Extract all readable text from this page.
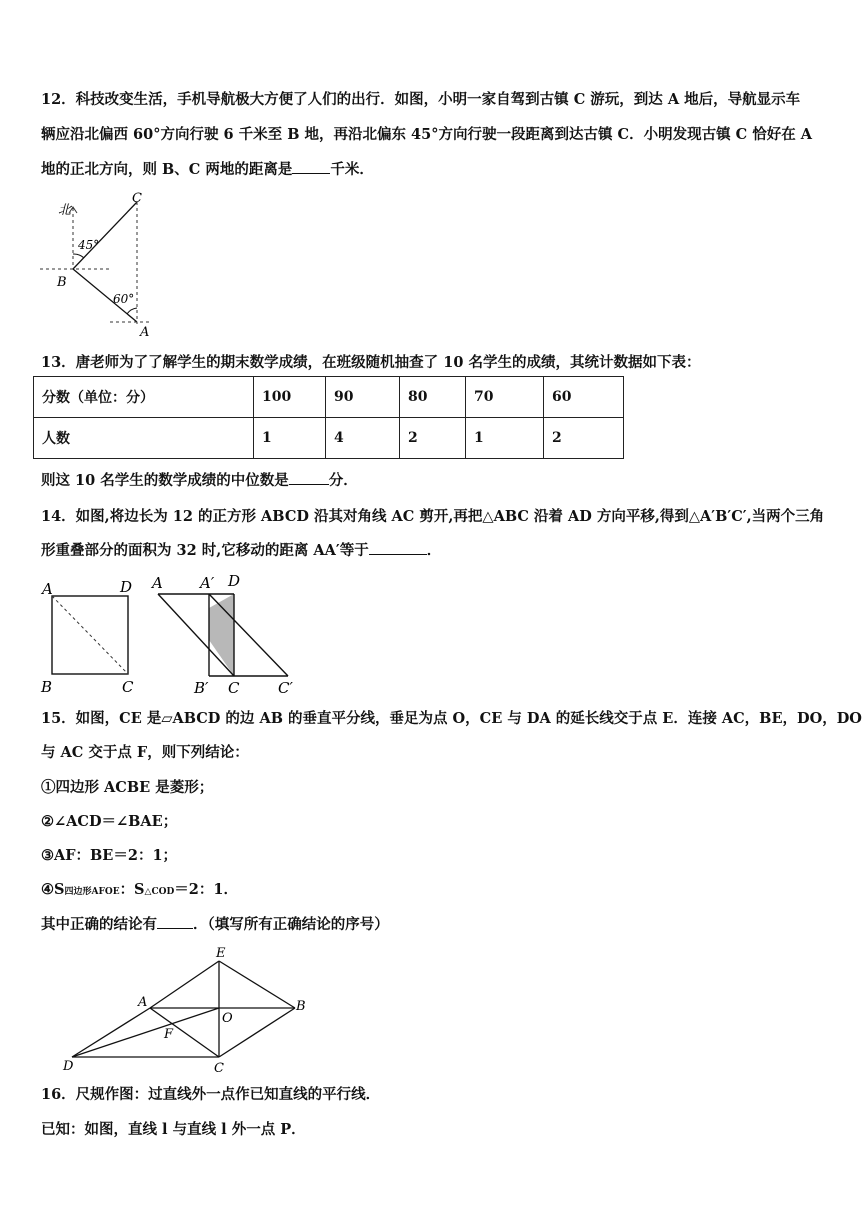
12．科技改变生活，手机导航极大方便了人们的出行．如图，小明一家自驾到古镇 C 游玩，到达 A 地后，导航显示车
辆应沿北偏西 60°方向行驶 6 千米至 B 地，再沿北偏东 45°方向行驶一段距离到达古镇 C．小明发现古镇 C 恰好在 A
地的正北方向，则 B、C 两地的距离是	千米．
北
45°
60°
B
C
A
13．唐老师为了了解学生的期末数学成绩，在班级随机抽查了 10 名学生的成绩，其统计数据如下表：
分数（单位：分）	100	90	80	70	60
人数	1	4	2	1	2
则这 10 名学生的数学成绩的中位数是	分．
14．如图,将边长为 12 的正方形 ABCD 沿其对角线 AC 剪开,再把△ABC 沿着 AD 方向平移,得到△A′B′C′,当两个三角
形重叠部分的面积为 32 时,它移动的距离 AA′等于	．
A	D
B	C
A A′ D
B′ C	C′
15．如图，CE 是▱ABCD 的边 AB 的垂直平分线，垂足为点 O，CE 与 DA 的延长线交于点 E．连接 AC，BE，DO，DO
与 AC 交于点 F，则下列结论：
①四边形 ACBE 是菱形；
②∠ACD＝∠BAE；
③AF：BE＝2：1；
④S四边形AFOE：S△COD＝2：1．
其中正确的结论有 ．（填写所有正确结论的序号）
E
A
O
B
F
D	C
16．尺规作图：过直线外一点作已知直线的平行线．
已知：如图，直线 l 与直线 l 外一点 P．
